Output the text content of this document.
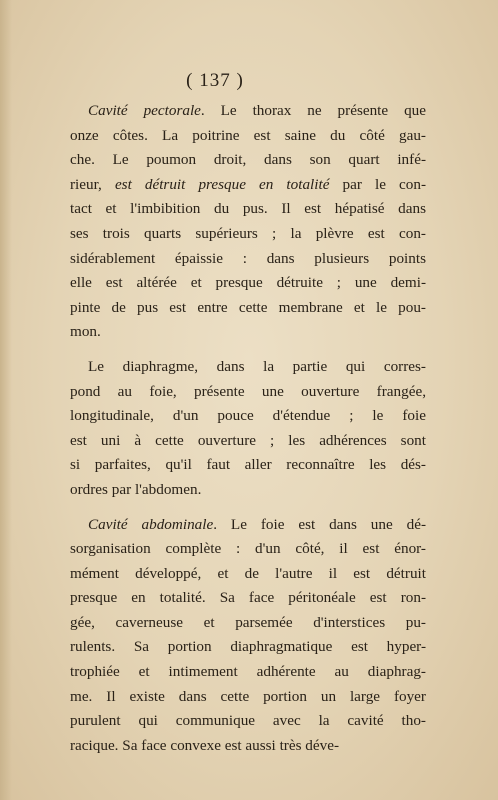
( 137 )
Cavité pectorale. Le thorax ne présente que
onze côtes. La poitrine est saine du côté gau-
che. Le poumon droit, dans son quart infé-
rieur, est détruit presque en totalité par le con-
tact et l'imbibition du pus. Il est hépatisé dans
ses trois quarts supérieurs ; la plèvre est con-
sidérablement épaissie : dans plusieurs points
elle est altérée et presque détruite ; une demi-
pinte de pus est entre cette membrane et le pou-
mon.
Le diaphragme, dans la partie qui corres-
pond au foie, présente une ouverture frangée,
longitudinale, d'un pouce d'étendue ; le foie
est uni à cette ouverture ; les adhérences sont
si parfaites, qu'il faut aller reconnaître les dés-
ordres par l'abdomen.
Cavité abdominale. Le foie est dans une dé-
sorganisation complète : d'un côté, il est énor-
mément développé, et de l'autre il est détruit
presque en totalité. Sa face péritonéale est ron-
gée, caverneuse et parsemée d'interstices pu-
rulents. Sa portion diaphragmatique est hyper-
trophiée et intimement adhérente au diaphrag-
me. Il existe dans cette portion un large foyer
purulent qui communique avec la cavité tho-
racique. Sa face convexe est aussi très déve-
